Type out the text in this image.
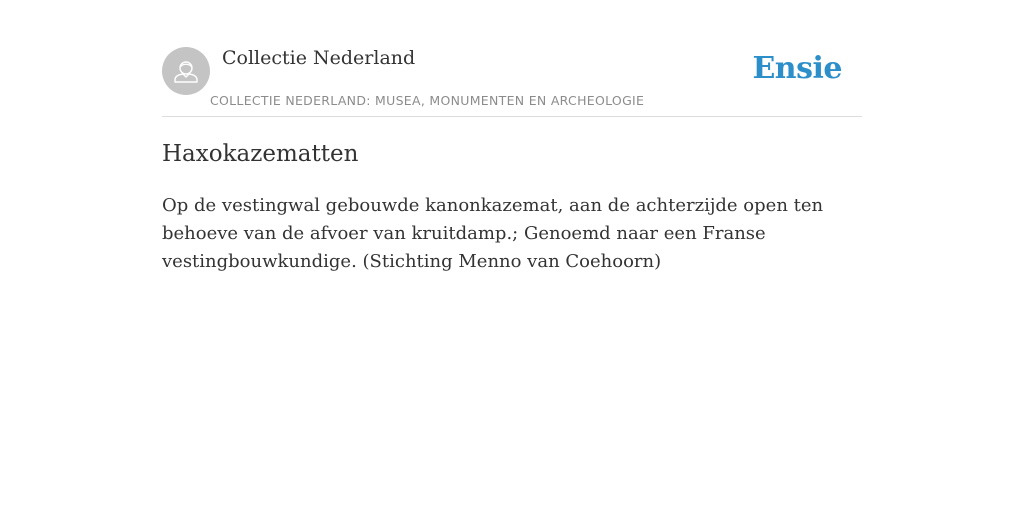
Collectie Nederland
COLLECTIE NEDERLAND: MUSEA, MONUMENTEN EN ARCHEOLOGIE
Ensie
Haxokazematten

Op de vestingwal gebouwde kanonkazemat, aan de achterzijde open ten behoeve van de afvoer van kruitdamp.; Genoemd naar een Franse vestingbouwkundige. (Stichting Menno van Coehoorn)
